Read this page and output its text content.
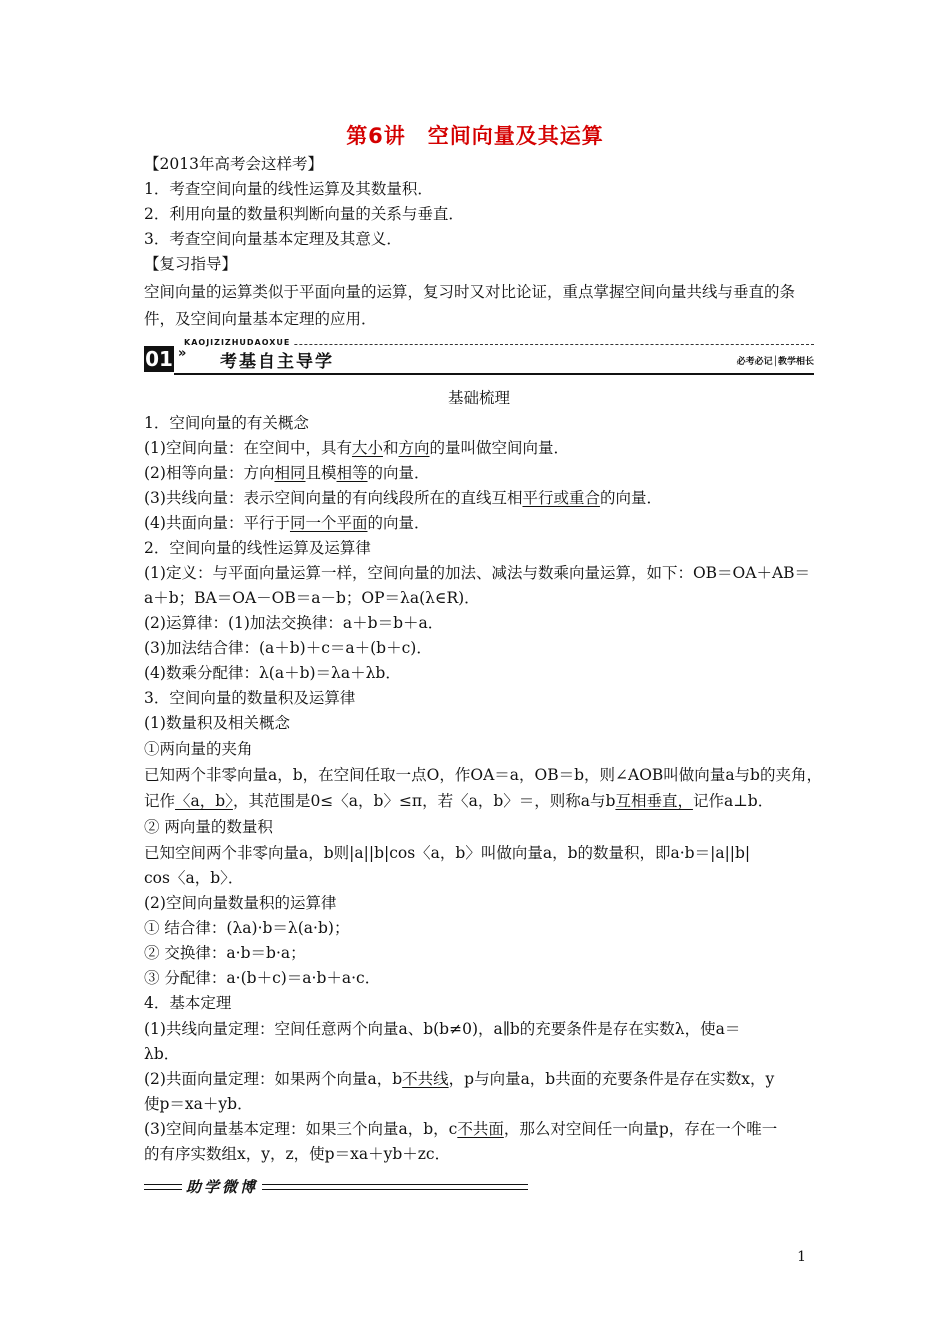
第6讲　空间向量及其运算
【2013年高考会这样考】
1．考查空间向量的线性运算及其数量积．
2．利用向量的数量积判断向量的关系与垂直．
3．考查空间向量基本定理及其意义．
【复习指导】
空间向量的运算类似于平面向量的运算，复习时又对比论证，重点掌握空间向量共线与垂直的条件，及空间向量基本定理的应用．
KAOJIZIZHUDAOXUE
01 » 考基自主导学	必考必记│教学相长
基础梳理
1．空间向量的有关概念
(1)空间向量：在空间中，具有大小和方向的量叫做空间向量．
(2)相等向量：方向相同且模相等的向量．
(3)共线向量：表示空间向量的有向线段所在的直线互相平行或重合的向量．
(4)共面向量：平行于同一个平面的向量．
2．空间向量的线性运算及运算律
(1)定义：与平面向量运算一样，空间向量的加法、减法与数乘向量运算，如下：OB＝OA＋AB＝
a＋b；BA＝OA－OB＝a－b；OP＝λa(λ∈R)．
(2)运算律：(1)加法交换律：a＋b＝b＋a．
(3)加法结合律：(a＋b)＋c＝a＋(b＋c)．
(4)数乘分配律：λ(a＋b)＝λa＋λb．
3．空间向量的数量积及运算律
(1)数量积及相关概念
①两向量的夹角
已知两个非零向量a，b，在空间任取一点O，作OA＝a，OB＝b，则∠AOB叫做向量a与b的夹角，
记作〈a，b〉，其范围是0≤〈a，b〉≤π，若〈a，b〉＝，则称a与b互相垂直，记作a⊥b．
② 两向量的数量积
已知空间两个非零向量a，b则|a||b|cos〈a，b〉叫做向量a，b的数量积，即a·b＝|a||b|
cos〈a，b〉．
(2)空间向量数量积的运算律
① 结合律：(λa)·b＝λ(a·b)；
② 交换律：a·b＝b·a；
③ 分配律：a·(b＋c)＝a·b＋a·c．
4．基本定理
(1)共线向量定理：空间任意两个向量a、b(b≠0)，a∥b的充要条件是存在实数λ，使a＝
λb．
(2)共面向量定理：如果两个向量a，b不共线，p与向量a，b共面的充要条件是存在实数x，y
使p＝xa＋yb．
(3)空间向量基本定理：如果三个向量a，b，c不共面，那么对空间任一向量p，存在一个唯一
的有序实数组x，y，z，使p＝xa＋yb＋zc．
助学微博
1
